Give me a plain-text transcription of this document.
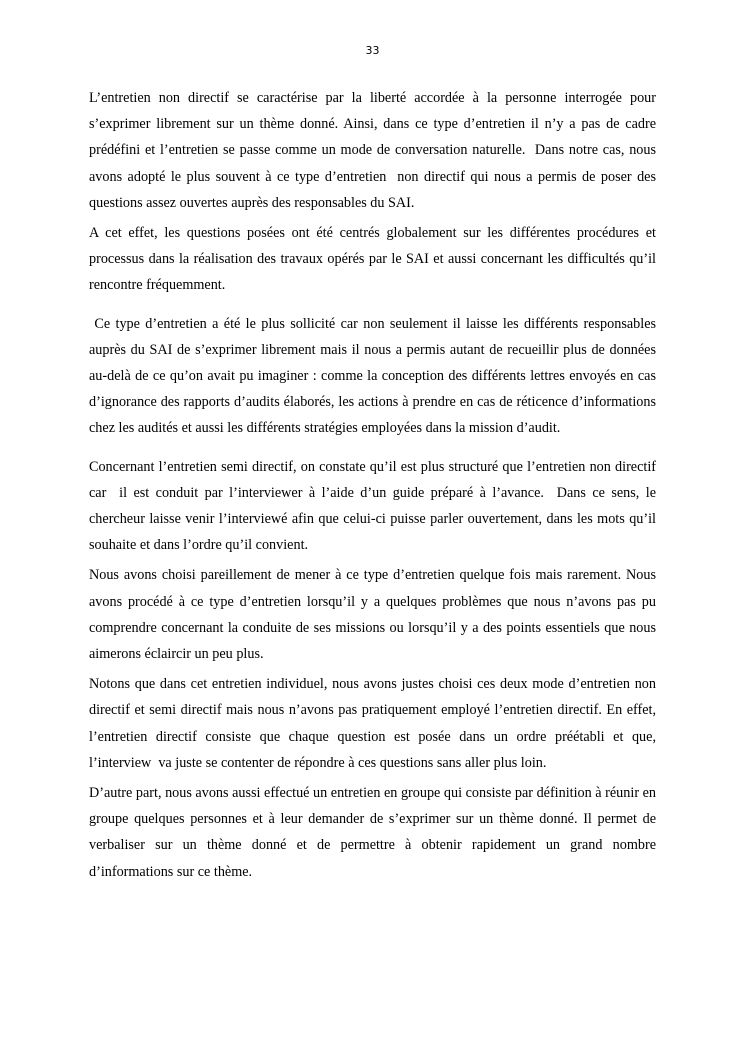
33

L’entretien non directif se caractérise par la liberté accordée à la personne interrogée pour s’exprimer librement sur un thème donné. Ainsi, dans ce type d’entretien il n’y a pas de cadre prédéfini et l’entretien se passe comme un mode de conversation naturelle.  Dans notre cas, nous avons adopté le plus souvent à ce type d’entretien  non directif qui nous a permis de poser des questions assez ouvertes auprès des responsables du SAI.

A cet effet, les questions posées ont été centrés globalement sur les différentes procédures et processus dans la réalisation des travaux opérés par le SAI et aussi concernant les difficultés qu’il rencontre fréquemment.

Ce type d’entretien a été le plus sollicité car non seulement il laisse les différents responsables auprès du SAI de s’exprimer librement mais il nous a permis autant de recueillir plus de données au-delà de ce qu’on avait pu imaginer : comme la conception des différents lettres envoyés en cas d’ignorance des rapports d’audits élaborés, les actions à prendre en cas de réticence d’informations chez les audités et aussi les différents stratégies employées dans la mission d’audit.

Concernant l’entretien semi directif, on constate qu’il est plus structuré que l’entretien non directif car  il est conduit par l’interviewer à l’aide d’un guide préparé à l’avance.  Dans ce sens, le chercheur laisse venir l’interviewé afin que celui-ci puisse parler ouvertement, dans les mots qu’il souhaite et dans l’ordre qu’il convient.

Nous avons choisi pareillement de mener à ce type d’entretien quelque fois mais rarement. Nous avons procédé à ce type d’entretien lorsqu’il y a quelques problèmes que nous n’avons pas pu comprendre concernant la conduite de ses missions ou lorsqu’il y a des points essentiels que nous aimerons éclaircir un peu plus.

Notons que dans cet entretien individuel, nous avons justes choisi ces deux mode d’entretien non directif et semi directif mais nous n’avons pas pratiquement employé l’entretien directif. En effet, l’entretien directif consiste que chaque question est posée dans un ordre préétabli et que, l’interview  va juste se contenter de répondre à ces questions sans aller plus loin.

D’autre part, nous avons aussi effectué un entretien en groupe qui consiste par définition à réunir en groupe quelques personnes et à leur demander de s’exprimer sur un thème donné. Il permet de verbaliser sur un thème donné et de permettre à obtenir rapidement un grand nombre d’informations sur ce thème.
